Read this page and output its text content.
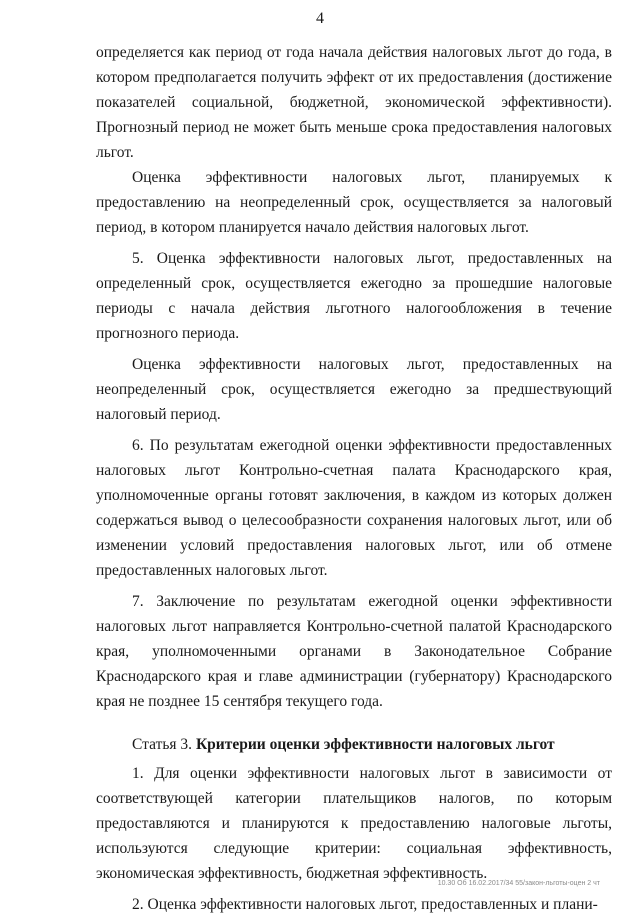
4

определяется как период от года начала действия налоговых льгот до года, в котором предполагается получить эффект от их предоставления (достижение показателей социальной, бюджетной, экономической эффективности). Прогнозный период не может быть меньше срока предоставления налоговых льгот.

Оценка эффективности налоговых льгот, планируемых к предоставлению на неопределенный срок, осуществляется за налоговый период, в котором планируется начало действия налоговых льгот.

5. Оценка эффективности налоговых льгот, предоставленных на определенный срок, осуществляется ежегодно за прошедшие налоговые периоды с начала действия льготного налогообложения в течение прогнозного периода.

Оценка эффективности налоговых льгот, предоставленных на неопределенный срок, осуществляется ежегодно за предшествующий налоговый период.

6. По результатам ежегодной оценки эффективности предоставленных налоговых льгот Контрольно-счетная палата Краснодарского края, уполномоченные органы готовят заключения, в каждом из которых должен содержаться вывод о целесообразности сохранения налоговых льгот, или об изменении условий предоставления налоговых льгот, или об отмене предоставленных налоговых льгот.

7. Заключение по результатам ежегодной оценки эффективности налоговых льгот направляется Контрольно-счетной палатой Краснодарского края, уполномоченными органами в Законодательное Собрание Краснодарского края и главе администрации (губернатору) Краснодарского края не позднее 15 сентября текущего года.

Статья 3. Критерии оценки эффективности налоговых льгот

1. Для оценки эффективности налоговых льгот в зависимости от соответствующей категории плательщиков налогов, по которым предоставляются и планируются к предоставлению налоговые льготы, используются следующие критерии: социальная эффективность, экономическая эффективность, бюджетная эффективность.

2. Оценка эффективности налоговых льгот, предоставленных и плани-

10.30 Об 16.02.2017/34 55/закон-льготы-оцен 2 чт
